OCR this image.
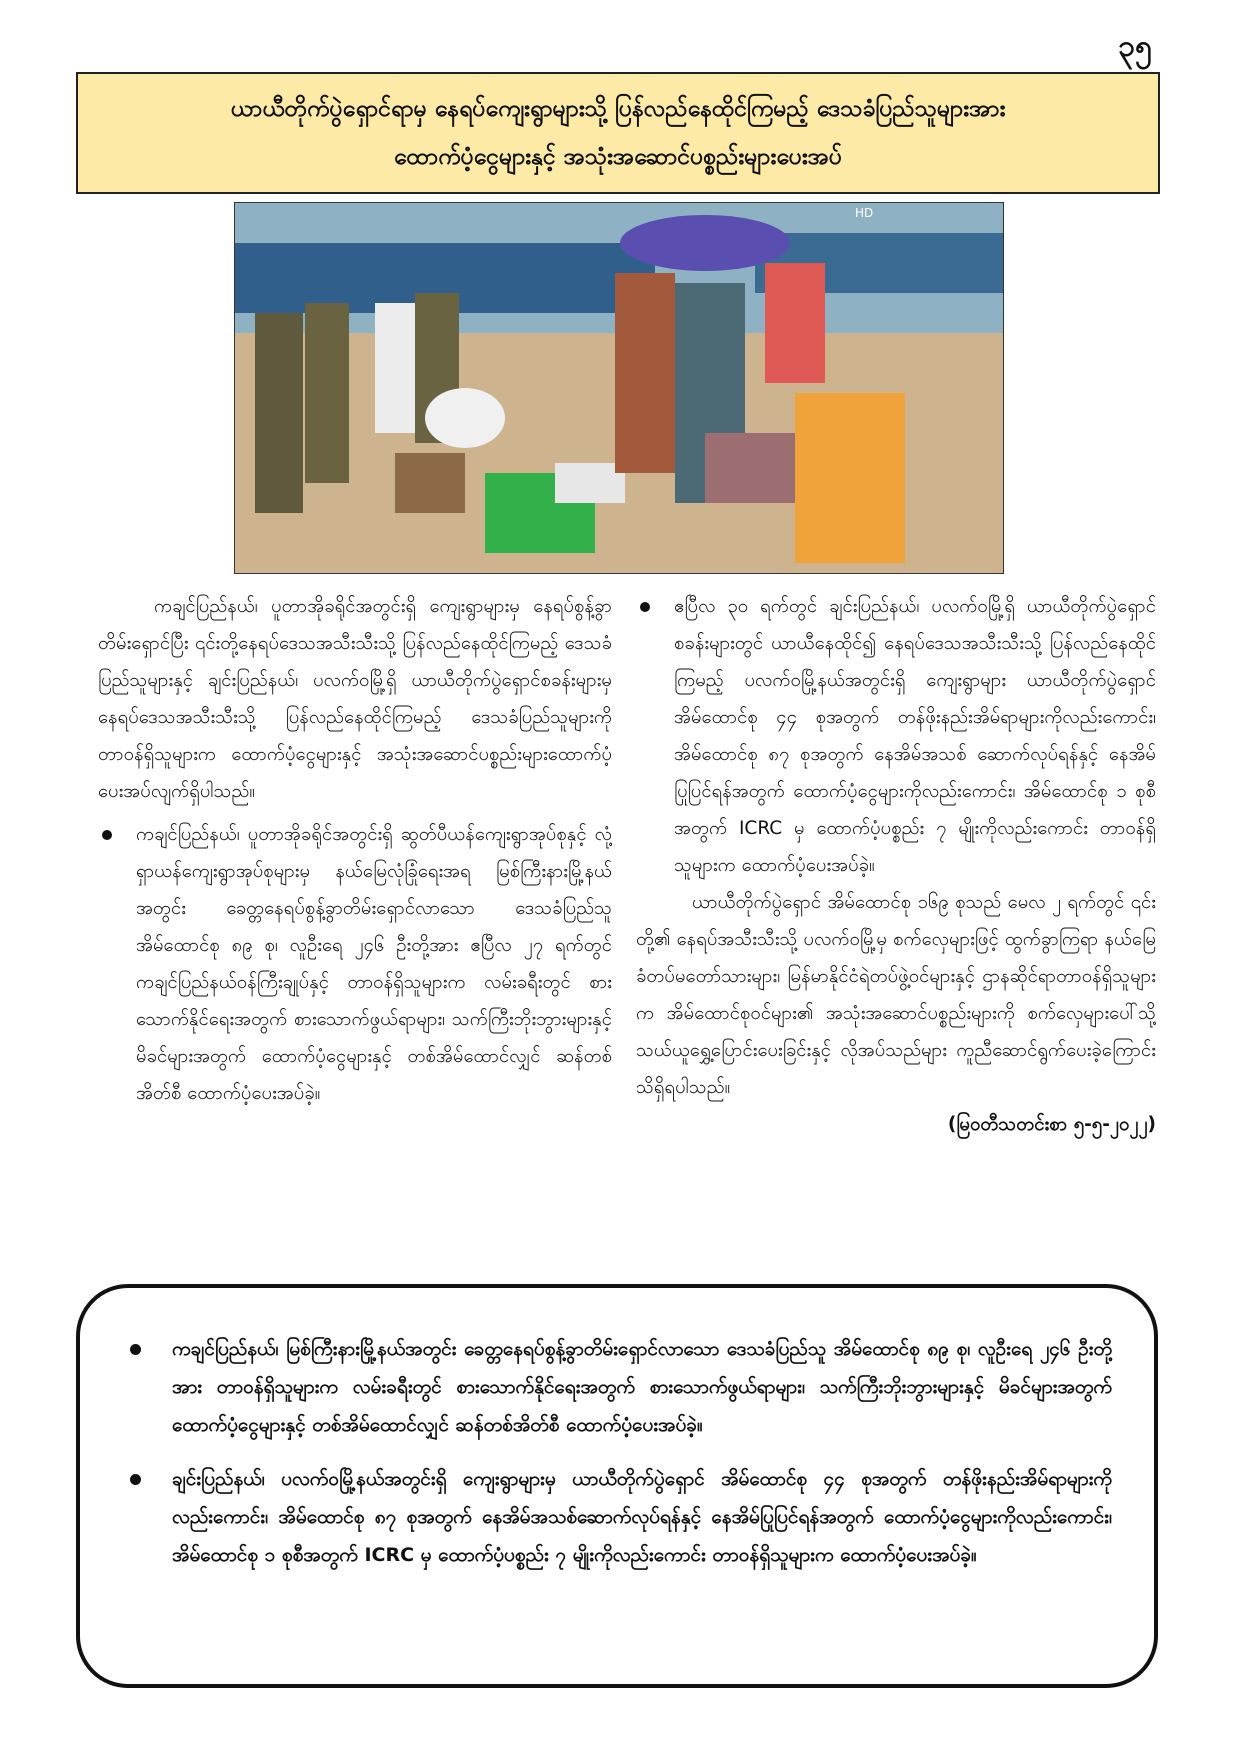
၃၅
ယာယီတိုက်ပွဲရှောင်ရာမှ နေရပ်ကျေးရွာများသို့ ပြန်လည်နေထိုင်ကြမည့် ဒေသခံပြည်သူများအား
ထောက်ပံ့ငွေများနှင့် အသုံးအဆောင်ပစ္စည်းများပေးအပ်
HD

ကချင်ပြည်နယ်၊ ပူတာအိုခရိုင်အတွင်းရှိ ကျေးရွာများမှ နေရပ်စွန့်ခွာတိမ်းရှောင်ပြီး ၎င်းတို့နေရပ်ဒေသအသီးသီးသို့ ပြန်လည်နေထိုင်ကြမည့် ဒေသခံပြည်သူများနှင့် ချင်းပြည်နယ်၊ ပလက်ဝမြို့ရှိ ယာယီတိုက်ပွဲရှောင်စခန်းများမှ နေရပ်ဒေသအသီးသီးသို့ ပြန်လည်နေထိုင်ကြမည့် ဒေသခံပြည်သူများကို တာဝန်ရှိသူများက ထောက်ပံ့ငွေများနှင့် အသုံးအဆောင်ပစ္စည်းများထောက်ပံ့ပေးအပ်လျက်ရှိပါသည်။

ကချင်ပြည်နယ်၊ ပူတာအိုခရိုင်အတွင်းရှိ ဆွတ်ပီယန်ကျေးရွာအုပ်စုနှင့် လုံ့ရှာယန်ကျေးရွာအုပ်စုများမှ နယ်မြေလုံခြုံရေးအရ မြစ်ကြီးနားမြို့နယ်အတွင်း ခေတ္တနေရပ်စွန့်ခွာတိမ်းရှောင်လာသော ဒေသခံပြည်သူ အိမ်ထောင်စု ၈၉ စု၊ လူဦးရေ ၂၄၆ ဦးတို့အား ဧပြီလ ၂၇ ရက်တွင် ကချင်ပြည်နယ်ဝန်ကြီးချုပ်နှင့် တာဝန်ရှိသူများက လမ်းခရီးတွင် စားသောက်နိုင်ရေးအတွက် စားသောက်ဖွယ်ရာများ၊ သက်ကြီးဘိုးဘွားများနှင့် မိခင်များအတွက် ထောက်ပံ့ငွေများနှင့် တစ်အိမ်ထောင်လျှင် ဆန်တစ်အိတ်စီ ထောက်ပံ့ပေးအပ်ခဲ့။
ဧပြီလ ၃၀ ရက်တွင် ချင်းပြည်နယ်၊ ပလက်ဝမြို့ရှိ ယာယီတိုက်ပွဲရှောင်စခန်းများတွင် ယာယီနေထိုင်၍ နေရပ်ဒေသအသီးသီးသို့ ပြန်လည်နေထိုင်ကြမည့် ပလက်ဝမြို့နယ်အတွင်းရှိ ကျေးရွာများ ယာယီတိုက်ပွဲရှောင် အိမ်ထောင်စု ၄၄ စုအတွက် တန်ဖိုးနည်းအိမ်ရာများကိုလည်းကောင်း၊ အိမ်ထောင်စု ၈၇ စုအတွက် နေအိမ်အသစ် ဆောက်လုပ်ရန်နှင့် နေအိမ်ပြုပြင်ရန်အတွက် ထောက်ပံ့ငွေများကိုလည်းကောင်း၊ အိမ်ထောင်စု ၁ စုစီအတွက် ICRC မှ ထောက်ပံ့ပစ္စည်း ၇ မျိုးကိုလည်းကောင်း တာဝန်ရှိသူများက ထောက်ပံ့ပေးအပ်ခဲ့။

ယာယီတိုက်ပွဲရှောင် အိမ်ထောင်စု ၁၆၉ စုသည် မေလ ၂ ရက်တွင် ၎င်းတို့၏ နေရပ်အသီးသီးသို့ ပလက်ဝမြို့မှ စက်လှေများဖြင့် ထွက်ခွာကြရာ နယ်မြေခံတပ်မတော်သားများ၊ မြန်မာနိုင်ငံရဲတပ်ဖွဲ့ဝင်များနှင့် ဌာနဆိုင်ရာတာဝန်ရှိသူများက အိမ်ထောင်စုဝင်များ၏ အသုံးအဆောင်ပစ္စည်းများကို စက်လှေများပေါ်သို့ သယ်ယူရွှေ့ပြောင်းပေးခြင်းနှင့် လိုအပ်သည်များ ကူညီဆောင်ရွက်ပေးခဲ့ကြောင်း သိရှိရပါသည်။

(မြဝတီသတင်းစာ ၅-၅-၂၀၂၂)

ကချင်ပြည်နယ်၊ မြစ်ကြီးနားမြို့နယ်အတွင်း ခေတ္တနေရပ်စွန့်ခွာတိမ်းရှောင်လာသော ဒေသခံပြည်သူ အိမ်ထောင်စု ၈၉ စု၊ လူဦးရေ ၂၄၆ ဦးတို့အား တာဝန်ရှိသူများက လမ်းခရီးတွင် စားသောက်နိုင်ရေးအတွက် စားသောက်ဖွယ်ရာများ၊ သက်ကြီးဘိုးဘွားများနှင့် မိခင်များအတွက် ထောက်ပံ့ငွေများနှင့် တစ်အိမ်ထောင်လျှင် ဆန်တစ်အိတ်စီ ထောက်ပံ့ပေးအပ်ခဲ့။
ချင်းပြည်နယ်၊ ပလက်ဝမြို့နယ်အတွင်းရှိ ကျေးရွာများမှ ယာယီတိုက်ပွဲရှောင် အိမ်ထောင်စု ၄၄ စုအတွက် တန်ဖိုးနည်းအိမ်ရာများကိုလည်းကောင်း၊ အိမ်ထောင်စု ၈၇ စုအတွက် နေအိမ်အသစ်ဆောက်လုပ်ရန်နှင့် နေအိမ်ပြုပြင်ရန်အတွက် ထောက်ပံ့ငွေများကိုလည်းကောင်း၊ အိမ်ထောင်စု ၁ စုစီအတွက် ICRC မှ ထောက်ပံ့ပစ္စည်း ၇ မျိုးကိုလည်းကောင်း တာဝန်ရှိသူများက ထောက်ပံ့ပေးအပ်ခဲ့။
